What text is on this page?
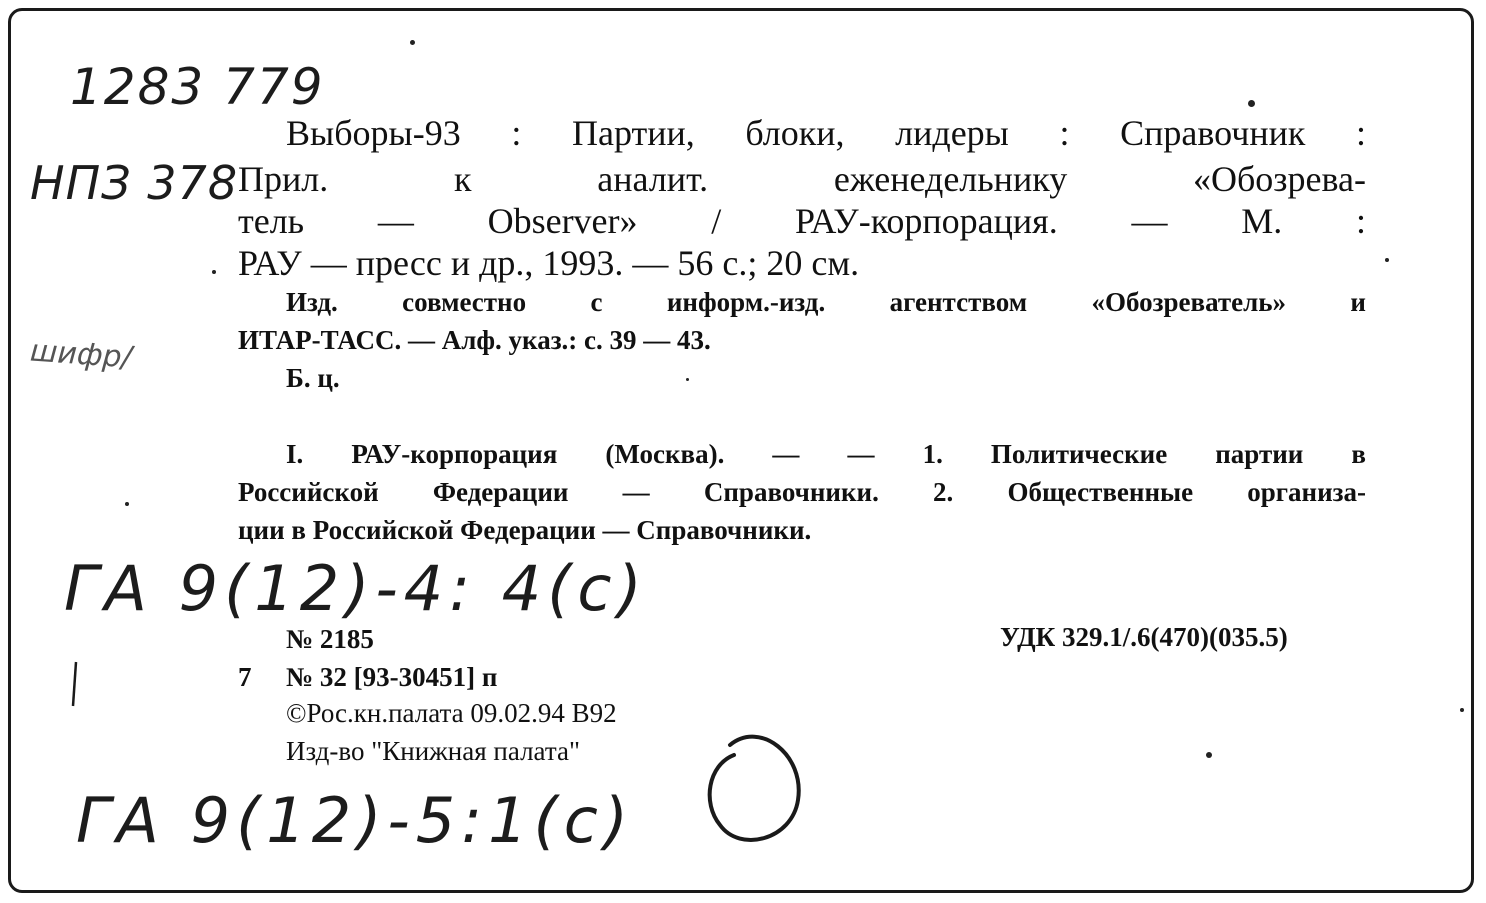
1283 779
НПЗ 378
шифр/
ГА 9(12)-4: 4(с)
ГА 9(12)-5:1(с)
Выборы-93 : Партии, блоки, лидеры : Справочник :
Прил. к аналит. еженедельнику «Обозрева-
тель — Observer» / РАУ-корпорация. — М. :
РАУ — пресс и др., 1993. — 56 с.; 20 см.
Изд. совместно с информ.-изд. агентством «Обозреватель» и
ИТАР-ТАСС. — Алф. указ.: с. 39 — 43.
Б. ц.
I. РАУ-корпорация (Москва). — — 1. Политические партии в
Российской Федерации — Справочники. 2. Общественные организа-
ции в Российской Федерации — Справочники.
№ 2185	УДК 329.1/.6(470)(035.5)
7 № 32 [93-30451] п
©Рос.кн.палата 09.02.94 В92
Изд-во "Книжная палата"
